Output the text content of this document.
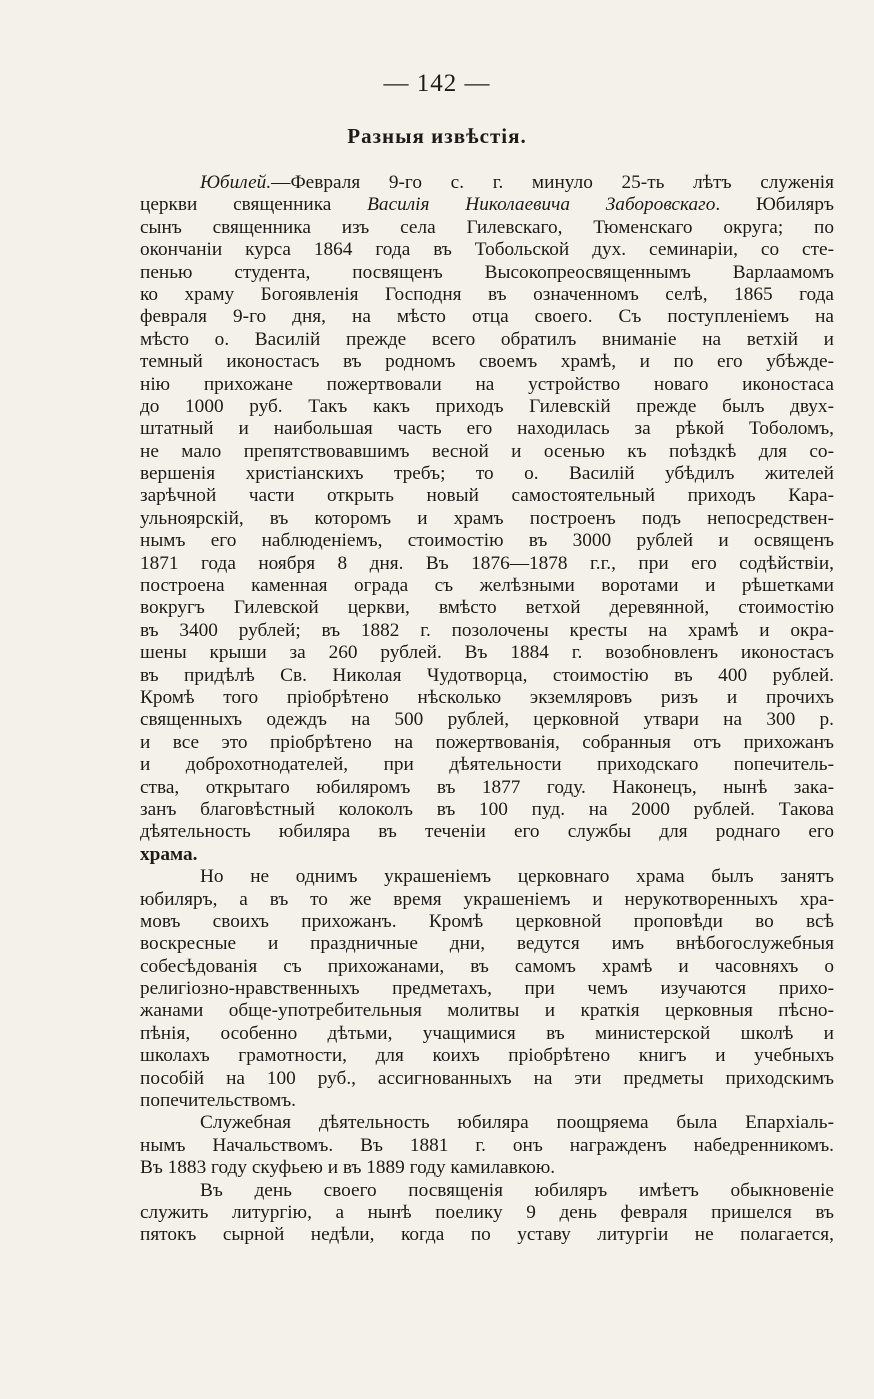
— 142 —
Разныя извѣстія.
Юбилей.—Февраля 9-го с. г. минуло 25-ть лѣтъ служенія
церкви священника Василія Николаевича Заборовскаго. Юбиляръ
сынъ священника изъ села Гилевскаго, Тюменскаго округа; по
окончаніи курса 1864 года въ Тобольской дух. семинаріи, со сте-
пенью студента, посвященъ Высокопреосвященнымъ Варлаамомъ
ко храму Богоявленія Господня въ означенномъ селѣ, 1865 года
февраля 9-го дня, на мѣсто отца своего. Съ поступленіемъ на
мѣсто о. Василій прежде всего обратилъ вниманіе на ветхій и
темный иконостасъ въ родномъ своемъ храмѣ, и по его убѣжде-
нію прихожане пожертвовали на устройство новаго иконостаса
до 1000 руб. Такъ какъ приходъ Гилевскій прежде былъ двух-
штатный и наибольшая часть его находилась за рѣкой Тоболомъ,
не мало препятствовавшимъ весной и осенью къ поѣздкѣ для со-
вершенія христіанскихъ требъ; то о. Василій убѣдилъ жителей
зарѣчной части открыть новый самостоятельный приходъ Кара-
ульноярскій, въ которомъ и храмъ построенъ подъ непосредствен-
нымъ его наблюденіемъ, стоимостію въ 3000 рублей и освященъ
1871 года ноября 8 дня. Въ 1876—1878 г.г., при его содѣйствіи,
построена каменная ограда съ желѣзными воротами и рѣшетками
вокругъ Гилевской церкви, вмѣсто ветхой деревянной, стоимостію
въ 3400 рублей; въ 1882 г. позолочены кресты на храмѣ и окра-
шены крыши за 260 рублей. Въ 1884 г. возобновленъ иконостасъ
въ придѣлѣ Св. Николая Чудотворца, стоимостію въ 400 рублей.
Кромѣ того пріобрѣтено нѣсколько экземляровъ ризъ и прочихъ
священныхъ одеждъ на 500 рублей, церковной утвари на 300 р.
и все это пріобрѣтено на пожертвованія, собранныя отъ прихожанъ
и доброхотнодателей, при дѣятельности приходскаго попечитель-
ства, открытаго юбиляромъ въ 1877 году. Наконецъ, нынѣ зака-
занъ благовѣстный колоколъ въ 100 пуд. на 2000 рублей. Такова
дѣятельность юбиляра въ теченіи его службы для роднаго его
храма.
Но не однимъ украшеніемъ церковнаго храма былъ занятъ
юбиляръ, а въ то же время украшеніемъ и нерукотворенныхъ хра-
мовъ своихъ прихожанъ. Кромѣ церковной проповѣди во всѣ
воскресные и праздничные дни, ведутся имъ внѣбогослужебныя
собесѣдованія съ прихожанами, въ самомъ храмѣ и часовняхъ о
религіозно-нравственныхъ предметахъ, при чемъ изучаются прихо-
жанами обще-употребительныя молитвы и краткія церковныя пѣсно-
пѣнія, особенно дѣтьми, учащимися въ министерской школѣ и
школахъ грамотности, для коихъ пріобрѣтено книгъ и учебныхъ
пособій на 100 руб., ассигнованныхъ на эти предметы приходскимъ
попечительствомъ.
Служебная дѣятельность юбиляра поощряема была Епархіаль-
нымъ Начальствомъ. Въ 1881 г. онъ награжденъ набедренникомъ.
Въ 1883 году скуфьею и въ 1889 году камилавкою.
Въ день своего посвященія юбиляръ имѣетъ обыкновеніе
служить литургію, а нынѣ поелику 9 день февраля пришелся въ
пятокъ сырной недѣли, когда по уставу литургіи не полагается,
